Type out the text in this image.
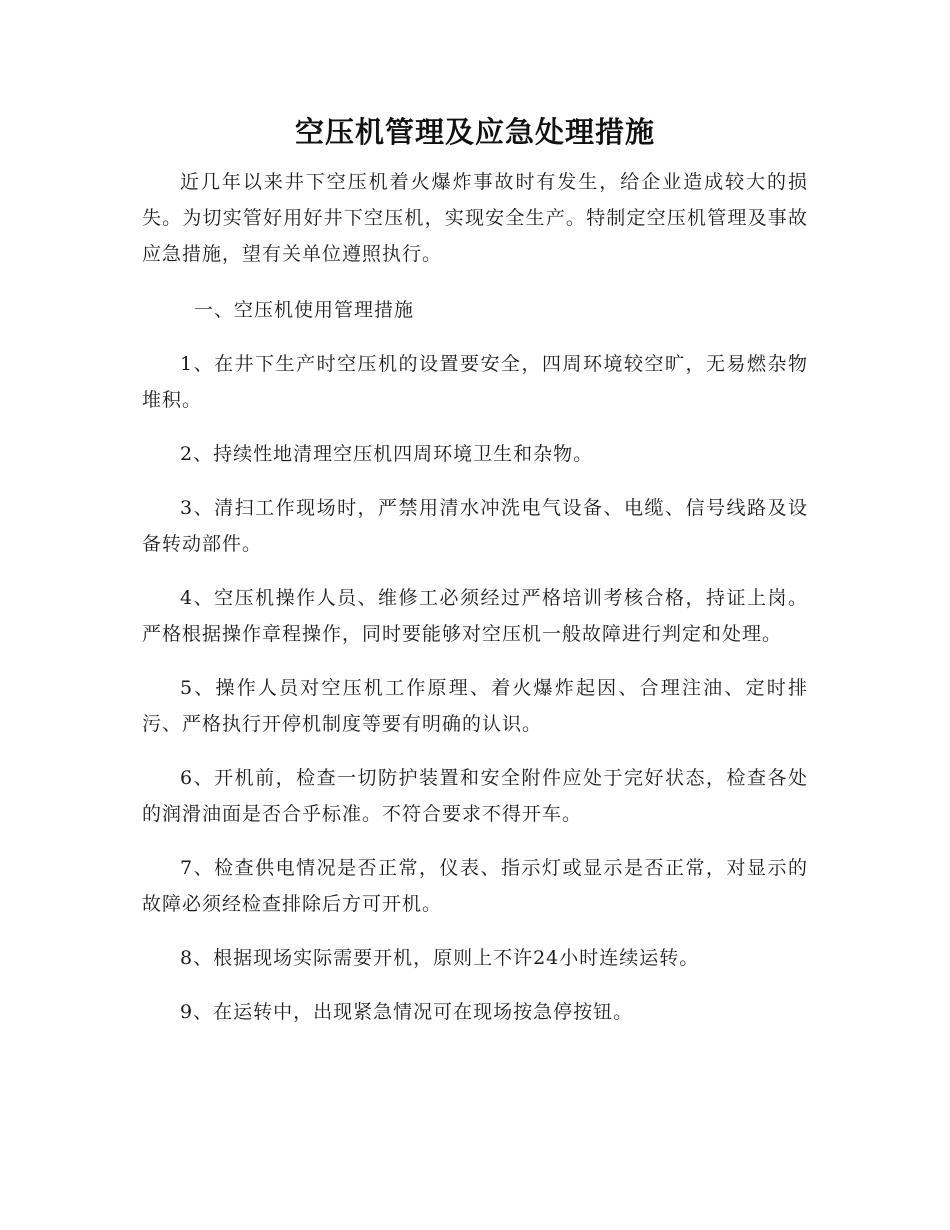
空压机管理及应急处理措施

近几年以来井下空压机着火爆炸事故时有发生，给企业造成较大的损失。为切实管好用好井下空压机，实现安全生产。特制定空压机管理及事故应急措施，望有关单位遵照执行。

一、空压机使用管理措施

1、在井下生产时空压机的设置要安全，四周环境较空旷，无易燃杂物堆积。

2、持续性地清理空压机四周环境卫生和杂物。

3、清扫工作现场时，严禁用清水冲洗电气设备、电缆、信号线路及设备转动部件。

4、空压机操作人员、维修工必须经过严格培训考核合格，持证上岗。严格根据操作章程操作，同时要能够对空压机一般故障进行判定和处理。

5、操作人员对空压机工作原理、着火爆炸起因、合理注油、定时排污、严格执行开停机制度等要有明确的认识。

6、开机前，检查一切防护装置和安全附件应处于完好状态，检查各处的润滑油面是否合乎标准。不符合要求不得开车。

7、检查供电情况是否正常，仪表、指示灯或显示是否正常，对显示的故障必须经检查排除后方可开机。

8、根据现场实际需要开机，原则上不许24小时连续运转。

9、在运转中，出现紧急情况可在现场按急停按钮。
